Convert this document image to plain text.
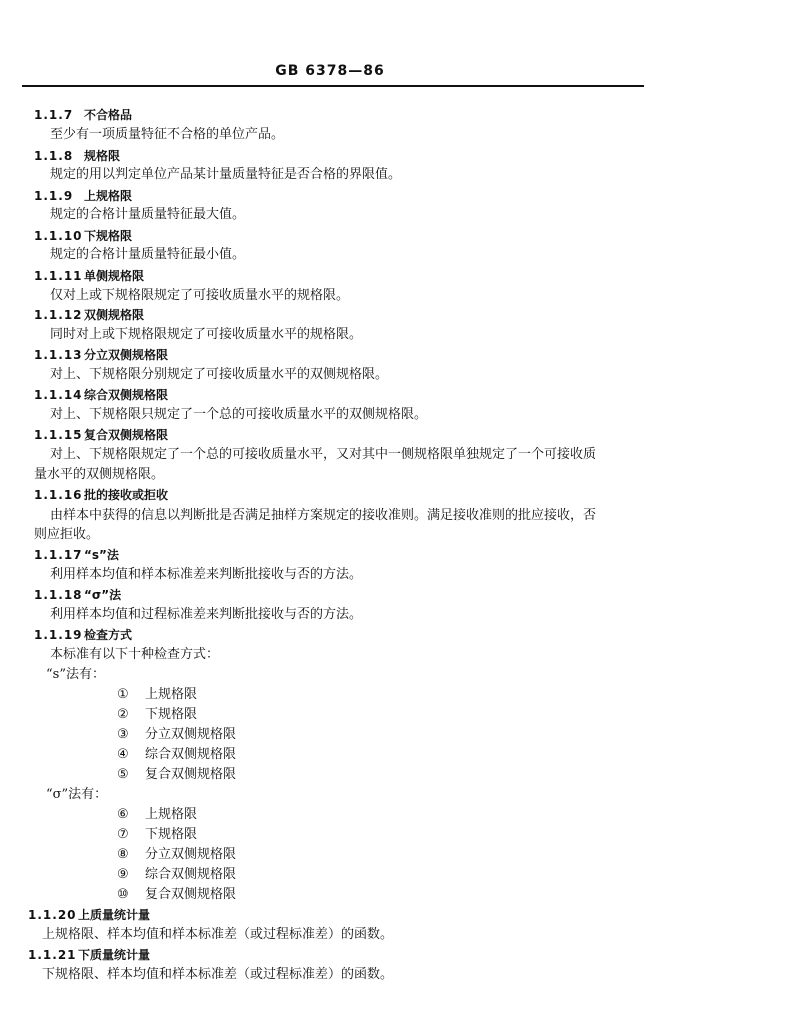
GB 6378—86
1.1.7 不合格品
至少有一项质量特征不合格的单位产品。
1.1.8 规格限
规定的用以判定单位产品某计量质量特征是否合格的界限值。
1.1.9 上规格限
规定的合格计量质量特征最大值。
1.1.10下规格限
规定的合格计量质量特征最小值。
1.1.11单侧规格限
仅对上或下规格限规定了可接收质量水平的规格限。
1.1.12双侧规格限
同时对上或下规格限规定了可接收质量水平的规格限。
1.1.13分立双侧规格限
对上、下规格限分别规定了可接收质量水平的双侧规格限。
1.1.14综合双侧规格限
对上、下规格限只规定了一个总的可接收质量水平的双侧规格限。
1.1.15复合双侧规格限
对上、下规格限规定了一个总的可接收质量水平，又对其中一侧规格限单独规定了一个可接收质
量水平的双侧规格限。
1.1.16批的接收或拒收
由样本中获得的信息以判断批是否满足抽样方案规定的接收准则。满足接收准则的批应接收，否
则应拒收。
1.1.17“s”法
利用样本均值和样本标准差来判断批接收与否的方法。
1.1.18“σ”法
利用样本均值和过程标准差来判断批接收与否的方法。
1.1.19检查方式
本标准有以下十种检查方式：
“s”法有：
① 上规格限
② 下规格限
③ 分立双侧规格限
④ 综合双侧规格限
⑤ 复合双侧规格限
“σ”法有：
⑥ 上规格限
⑦ 下规格限
⑧ 分立双侧规格限
⑨ 综合双侧规格限
⑩ 复合双侧规格限
1.1.20上质量统计量
上规格限、样本均值和样本标准差（或过程标准差）的函数。
1.1.21下质量统计量
下规格限、样本均值和样本标准差（或过程标准差）的函数。
